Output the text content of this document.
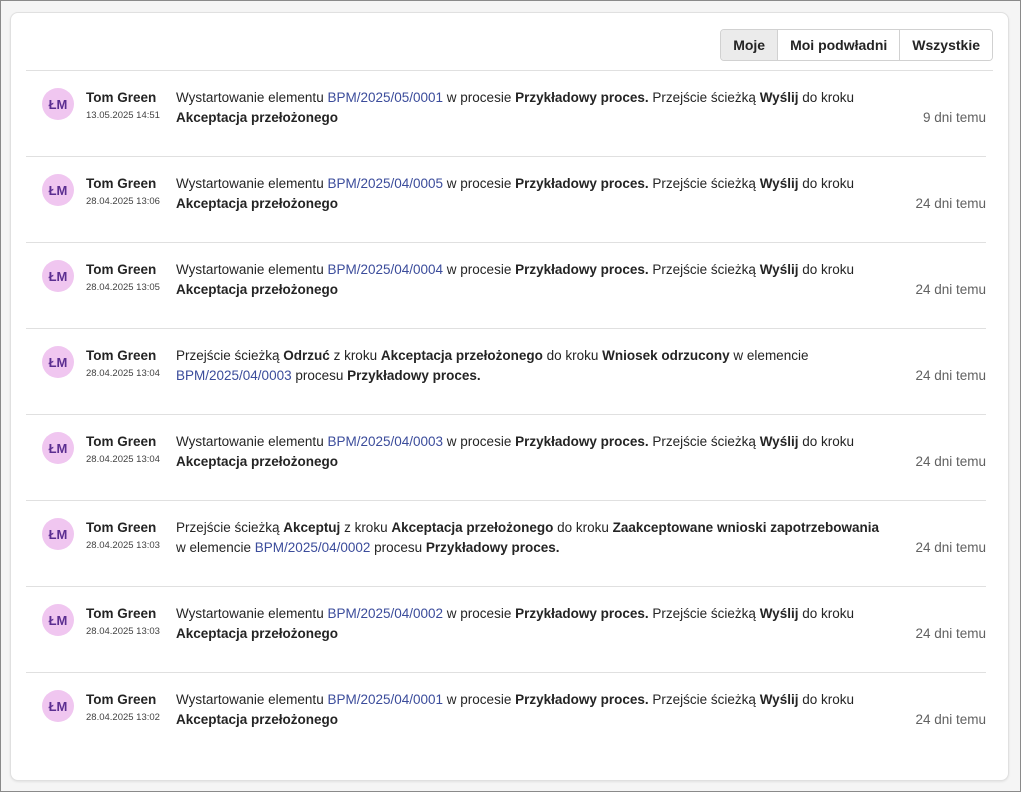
Moje	Moi podwładni	Wszystkie
ŁM	Tom Green
13.05.2025 14:51
Wystartowanie elementu BPM/2025/05/0001 w procesie Przykładowy proces. Przejście ścieżką Wyślij do kroku Akceptacja przełożonego	9 dni temu
ŁM	Tom Green
28.04.2025 13:06
Wystartowanie elementu BPM/2025/04/0005 w procesie Przykładowy proces. Przejście ścieżką Wyślij do kroku Akceptacja przełożonego	24 dni temu
ŁM	Tom Green
28.04.2025 13:05
Wystartowanie elementu BPM/2025/04/0004 w procesie Przykładowy proces. Przejście ścieżką Wyślij do kroku Akceptacja przełożonego	24 dni temu
ŁM	Tom Green
28.04.2025 13:04
Przejście ścieżką Odrzuć z kroku Akceptacja przełożonego do kroku Wniosek odrzucony w elemencie BPM/2025/04/0003 procesu Przykładowy proces.	24 dni temu
ŁM	Tom Green
28.04.2025 13:04
Wystartowanie elementu BPM/2025/04/0003 w procesie Przykładowy proces. Przejście ścieżką Wyślij do kroku Akceptacja przełożonego	24 dni temu
ŁM	Tom Green
28.04.2025 13:03
Przejście ścieżką Akceptuj z kroku Akceptacja przełożonego do kroku Zaakceptowane wnioski zapotrzebowania w elemencie BPM/2025/04/0002 procesu Przykładowy proces.	24 dni temu
ŁM	Tom Green
28.04.2025 13:03
Wystartowanie elementu BPM/2025/04/0002 w procesie Przykładowy proces. Przejście ścieżką Wyślij do kroku Akceptacja przełożonego	24 dni temu
ŁM	Tom Green
28.04.2025 13:02
Wystartowanie elementu BPM/2025/04/0001 w procesie Przykładowy proces. Przejście ścieżką Wyślij do kroku Akceptacja przełożonego	24 dni temu
